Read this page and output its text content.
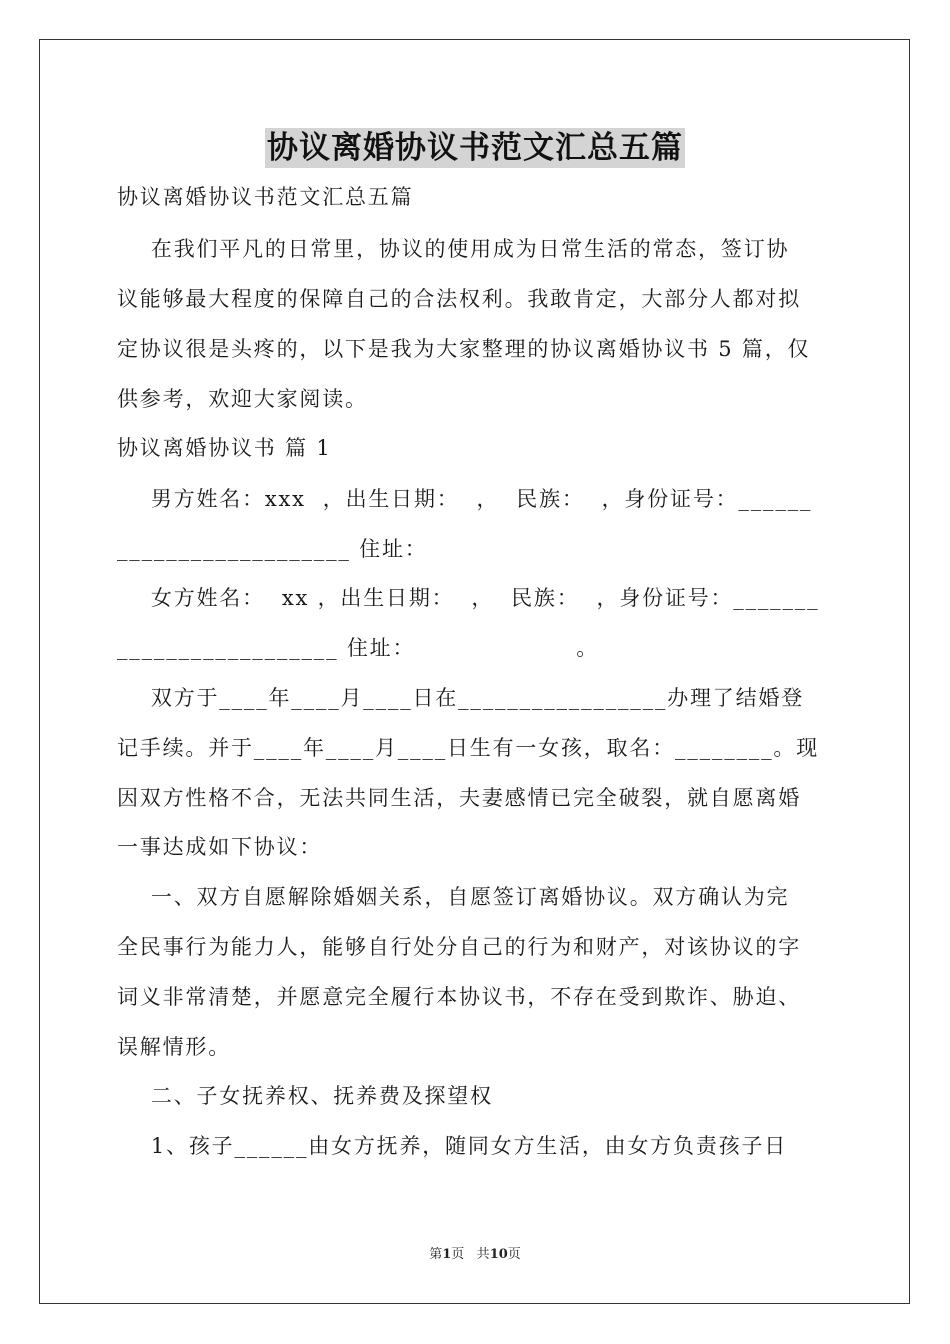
协议离婚协议书范文汇总五篇
协议离婚协议书范文汇总五篇
在我们平凡的日常里，协议的使用成为日常生活的常态，签订协
议能够最大程度的保障自己的合法权利。我敢肯定，大部分人都对拟
定协议很是头疼的，以下是我为大家整理的协议离婚协议书 5 篇，仅
供参考，欢迎大家阅读。
协议离婚协议书 篇 1
男方姓名：xxx  ，出生日期：  ，  民族：  ，身份证号：______
___________________ 住址：
女方姓名：  xx ，出生日期：  ，  民族：  ，身份证号：_______
__________________ 住址：                   。
双方于____年____月____日在_________________办理了结婚登
记手续。并于____年____月____日生有一女孩，取名：________。现
因双方性格不合，无法共同生活，夫妻感情已完全破裂，就自愿离婚
一事达成如下协议：
一、双方自愿解除婚姻关系，自愿签订离婚协议。双方确认为完
全民事行为能力人，能够自行处分自己的行为和财产，对该协议的字
词义非常清楚，并愿意完全履行本协议书，不存在受到欺诈、胁迫、
误解情形。
二、子女抚养权、抚养费及探望权
1、孩子______由女方抚养，随同女方生活，由女方负责孩子日
第1页   共10页
